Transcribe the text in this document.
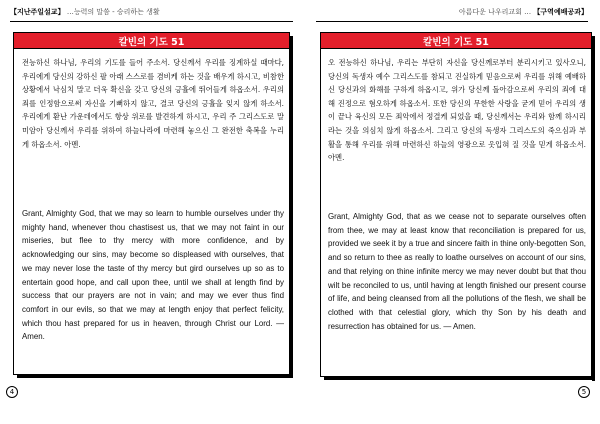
【지난주일설교】 …능력의 말씀 - 승리하는 생활
칼빈의 기도 51
전능하신 하나님, 우리의 기도를 들어 주소서. 당신께서 우리를 징계하실 때마다, 우리에게 당신의 강하신 팔 아래 스스로를 겸비케 하는 것을 배우게 하시고, 비참한 상황에서 낙심치 말고 더욱 확신을 갖고 당신의 긍휼에 뛰어들게 하옵소서. 우리의 죄를 인정함으로써 자신을 기뻐하지 않고, 결코 당신의 긍휼을 잊지 않게 하소서. 우리에게 환난 가운데에서도 항상 위로를 발견하게 하시고, 우리 주 그리스도로 말미암아 당신께서 우리를 위하여 하늘나라에 마련해 놓으신 그 완전한 축복을 누리게 하옵소서. 아멘.
Grant, Almighty God, that we may so learn to humble ourselves under thy mighty hand, whenever thou chastisest us, that we may not faint in our miseries, but flee to thy mercy with more confidence, and by acknowledging our sins, may become so displeased with ourselves, that we may never lose the taste of thy mercy but gird ourselves up so as to entertain good hope, and call upon thee, until we shall at length find by success that our prayers are not in vain; and may we ever thus find comfort in our evils, so that we may at length enjoy that perfect felicity, which thou hast prepared for us in heaven, through Christ our Lord. — Amen.
4
아름다운 나우리교회 … 【구역예배공과】
칼빈의 기도 51
오 전능하신 하나님, 우리는 부단히 자신을 당신께로부터 분리시키고 있사오니, 당신의 독생자 예수 그리스도를 참되고 진실하게 믿음으로써 우리를 위해 예배하신 당신과의 화해를 구하게 하옵시고, 위가 당신께 돌아감으로써 우리의 죄에 대해 진정으로 혐오하게 하옵소서. 또한 당신의 무한한 사랑을 굳게 믿어 우리의 생이 끝나 육신의 모든 죄악에서 정결케 되었을 때, 당신께서는 우리와 함께 하시리라는 것을 의심치 않게 하옵소서. 그리고 당신의 독생자 그리스도의 죽으심과 부활을 통해 우리를 위해 마련하신 하늘의 영광으로 옷입혀 질 것을 믿게 하옵소서. 아멘.
Grant, Almighty God, that as we cease not to separate ourselves often from thee, we may at least know that reconciliation is prepared for us, provided we seek it by a true and sincere faith in thine only-begotten Son, and so return to thee as really to loathe ourselves on account of our sins, and that relying on thine infinite mercy we may never doubt but that thou wilt be reconciled to us, until having at length finished our present course of life, and being cleansed from all the pollutions of the flesh, we shall be clothed with that celestial glory, which thy Son by his death and resurrection has obtained for us. — Amen.
5
